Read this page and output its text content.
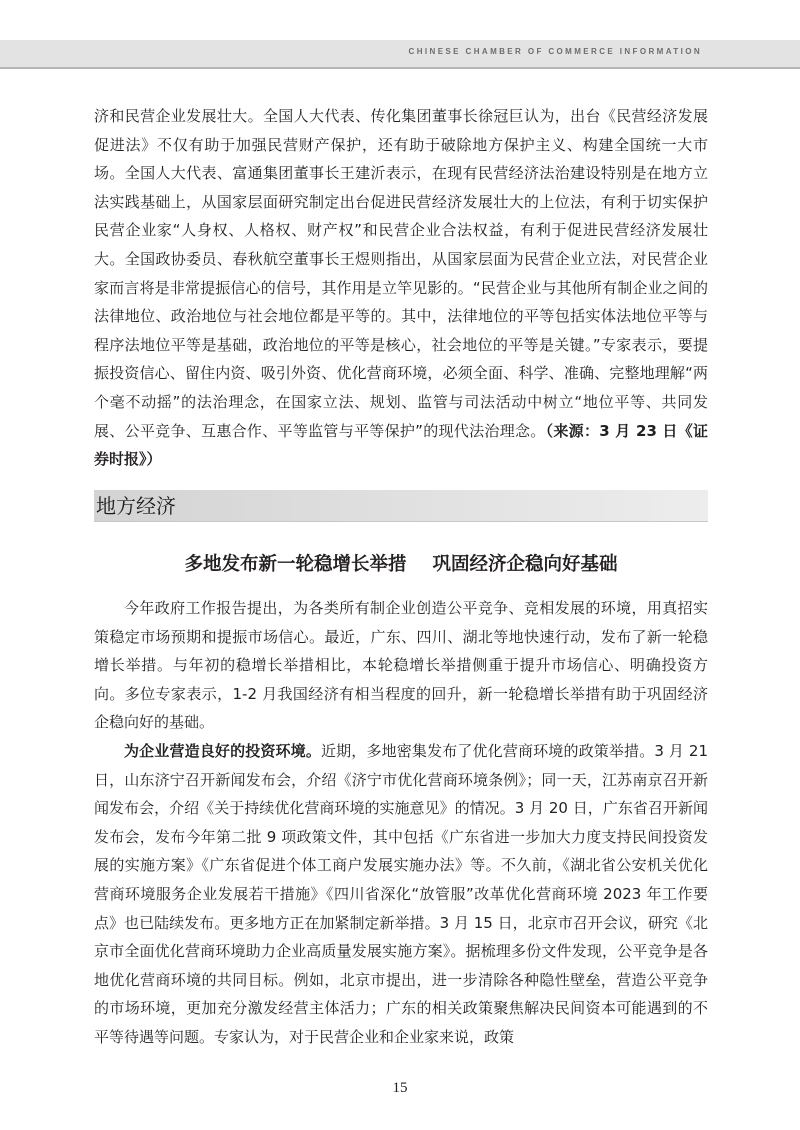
CHINESE CHAMBER OF COMMERCE INFORMATION

济和民营企业发展壮大。全国人大代表、传化集团董事长徐冠巨认为，出台《民营经济发展促进法》不仅有助于加强民营财产保护，还有助于破除地方保护主义、构建全国统一大市场。全国人大代表、富通集团董事长王建沂表示，在现有民营经济法治建设特别是在地方立法实践基础上，从国家层面研究制定出台促进民营经济发展壮大的上位法，有利于切实保护民营企业家“人身权、人格权、财产权”和民营企业合法权益，有利于促进民营经济发展壮大。全国政协委员、春秋航空董事长王煜则指出，从国家层面为民营企业立法，对民营企业家而言将是非常提振信心的信号，其作用是立竿见影的。“民营企业与其他所有制企业之间的法律地位、政治地位与社会地位都是平等的。其中，法律地位的平等包括实体法地位平等与程序法地位平等是基础，政治地位的平等是核心，社会地位的平等是关键。”专家表示，要提振投资信心、留住内资、吸引外资、优化营商环境，必须全面、科学、准确、完整地理解“两个毫不动摇”的法治理念，在国家立法、规划、监管与司法活动中树立“地位平等、共同发展、公平竞争、互惠合作、平等监管与平等保护”的现代法治理念。（来源：3 月 23 日《证券时报》）

地方经济
多地发布新一轮稳增长举措 巩固经济企稳向好基础

今年政府工作报告提出，为各类所有制企业创造公平竞争、竞相发展的环境，用真招实策稳定市场预期和提振市场信心。最近，广东、四川、湖北等地快速行动，发布了新一轮稳增长举措。与年初的稳增长举措相比，本轮稳增长举措侧重于提升市场信心、明确投资方向。多位专家表示，1-2 月我国经济有相当程度的回升，新一轮稳增长举措有助于巩固经济企稳向好的基础。

为企业营造良好的投资环境。近期，多地密集发布了优化营商环境的政策举措。3 月 21 日，山东济宁召开新闻发布会，介绍《济宁市优化营商环境条例》；同一天，江苏南京召开新闻发布会，介绍《关于持续优化营商环境的实施意见》的情况。3 月 20 日，广东省召开新闻发布会，发布今年第二批 9 项政策文件，其中包括《广东省进一步加大力度支持民间投资发展的实施方案》《广东省促进个体工商户发展实施办法》等。不久前，《湖北省公安机关优化营商环境服务企业发展若干措施》《四川省深化“放管服”改革优化营商环境 2023 年工作要点》也已陆续发布。更多地方正在加紧制定新举措。3 月 15 日，北京市召开会议，研究《北京市全面优化营商环境助力企业高质量发展实施方案》。据梳理多份文件发现，公平竞争是各地优化营商环境的共同目标。例如，北京市提出，进一步清除各种隐性壁垒，营造公平竞争的市场环境，更加充分激发经营主体活力；广东的相关政策聚焦解决民间资本可能遇到的不平等待遇等问题。专家认为，对于民营企业和企业家来说，政策

15
